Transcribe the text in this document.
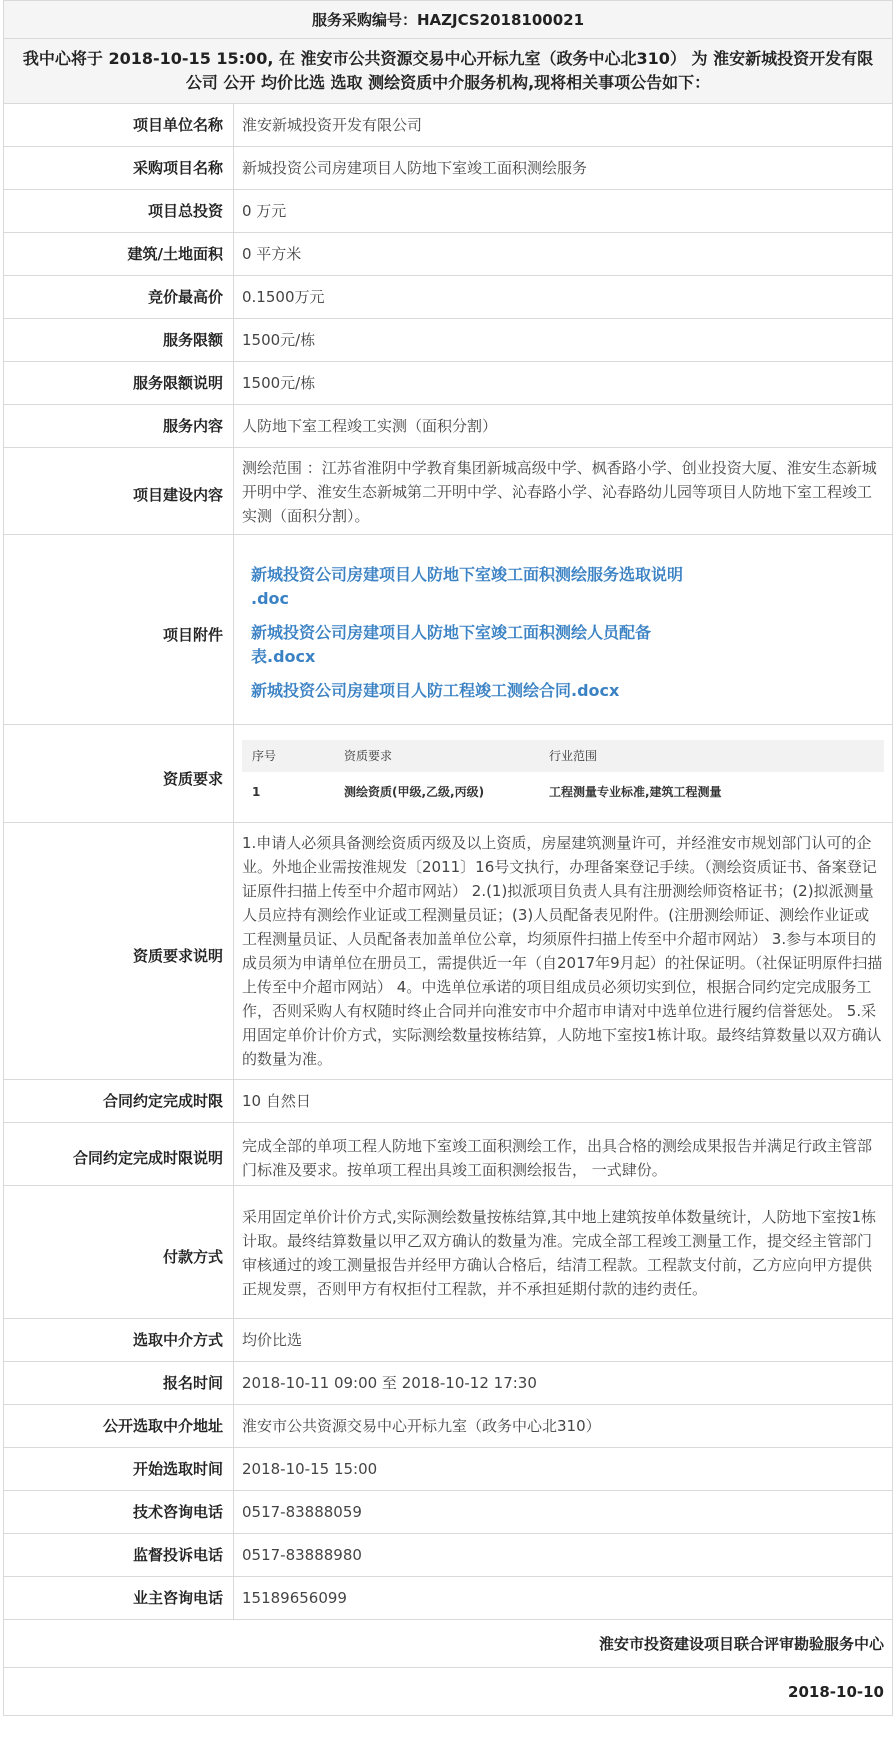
服务采购编号：HAZJCS2018100021
我中心将于 2018-10-15 15:00, 在 淮安市公共资源交易中心开标九室（政务中心北310） 为 淮安新城投资开发有限公司 公开 均价比选 选取 测绘资质中介服务机构,现将相关事项公告如下：
项目单位名称	淮安新城投资开发有限公司
采购项目名称	新城投资公司房建项目人防地下室竣工面积测绘服务
项目总投资	0 万元
建筑/土地面积	0 平方米
竞价最高价	0.1500万元
服务限额	1500元/栋
服务限额说明	1500元/栋
服务内容	人防地下室工程竣工实测（面积分割）
项目建设内容	测绘范围 ：江苏省淮阴中学教育集团新城高级中学、枫香路小学、创业投资大厦、淮安生态新城开明中学、淮安生态新城第二开明中学、沁春路小学、沁春路幼儿园等项目人防地下室工程竣工实测（面积分割）。
项目附件	
新城投资公司房建项目人防地下室竣工面积测绘服务选取说明 .doc
新城投资公司房建项目人防地下室竣工面积测绘人员配备表.docx
新城投资公司房建项目人防工程竣工测绘合同.docx

资质要求	
序号	资质要求	行业范围
1	测绘资质(甲级,乙级,丙级)	工程测量专业标准,建筑工程测量

资质要求说明	1.申请人必须具备测绘资质丙级及以上资质，房屋建筑测量许可，并经淮安市规划部门认可的企业。外地企业需按淮规发〔2011〕16号文执行，办理备案登记手续。（测绘资质证书、备案登记证原件扫描上传至中介超市网站） 2.(1)拟派项目负责人具有注册测绘师资格证书；(2)拟派测量人员应持有测绘作业证或工程测量员证；(3)人员配备表见附件。(注册测绘师证、测绘作业证或工程测量员证、人员配备表加盖单位公章，均须原件扫描上传至中介超市网站） 3.参与本项目的成员须为申请单位在册员工，需提供近一年（自2017年9月起）的社保证明。（社保证明原件扫描上传至中介超市网站） 4。中选单位承诺的项目组成员必须切实到位，根据合同约定完成服务工作，否则采购人有权随时终止合同并向淮安市中介超市申请对中选单位进行履约信誉惩处。 5.采用固定单价计价方式，实际测绘数量按栋结算，人防地下室按1栋计取。最终结算数量以双方确认的数量为准。
合同约定完成时限	10 自然日
合同约定完成时限说明	完成全部的单项工程人防地下室竣工面积测绘工作，出具合格的测绘成果报告并满足行政主管部门标准及要求。按单项工程出具竣工面积测绘报告， 一式肆份。
付款方式	采用固定单价计价方式,实际测绘数量按栋结算,其中地上建筑按单体数量统计，人防地下室按1栋计取。最终结算数量以甲乙双方确认的数量为准。完成全部工程竣工测量工作，提交经主管部门审核通过的竣工测量报告并经甲方确认合格后，结清工程款。工程款支付前，乙方应向甲方提供正规发票，否则甲方有权拒付工程款，并不承担延期付款的违约责任。
选取中介方式	均价比选
报名时间	2018-10-11 09:00 至 2018-10-12 17:30
公开选取中介地址	淮安市公共资源交易中心开标九室（政务中心北310）
开始选取时间	2018-10-15 15:00
技术咨询电话	0517-83888059
监督投诉电话	0517-83888980
业主咨询电话	15189656099
淮安市投资建设项目联合评审勘验服务中心
2018-10-10
